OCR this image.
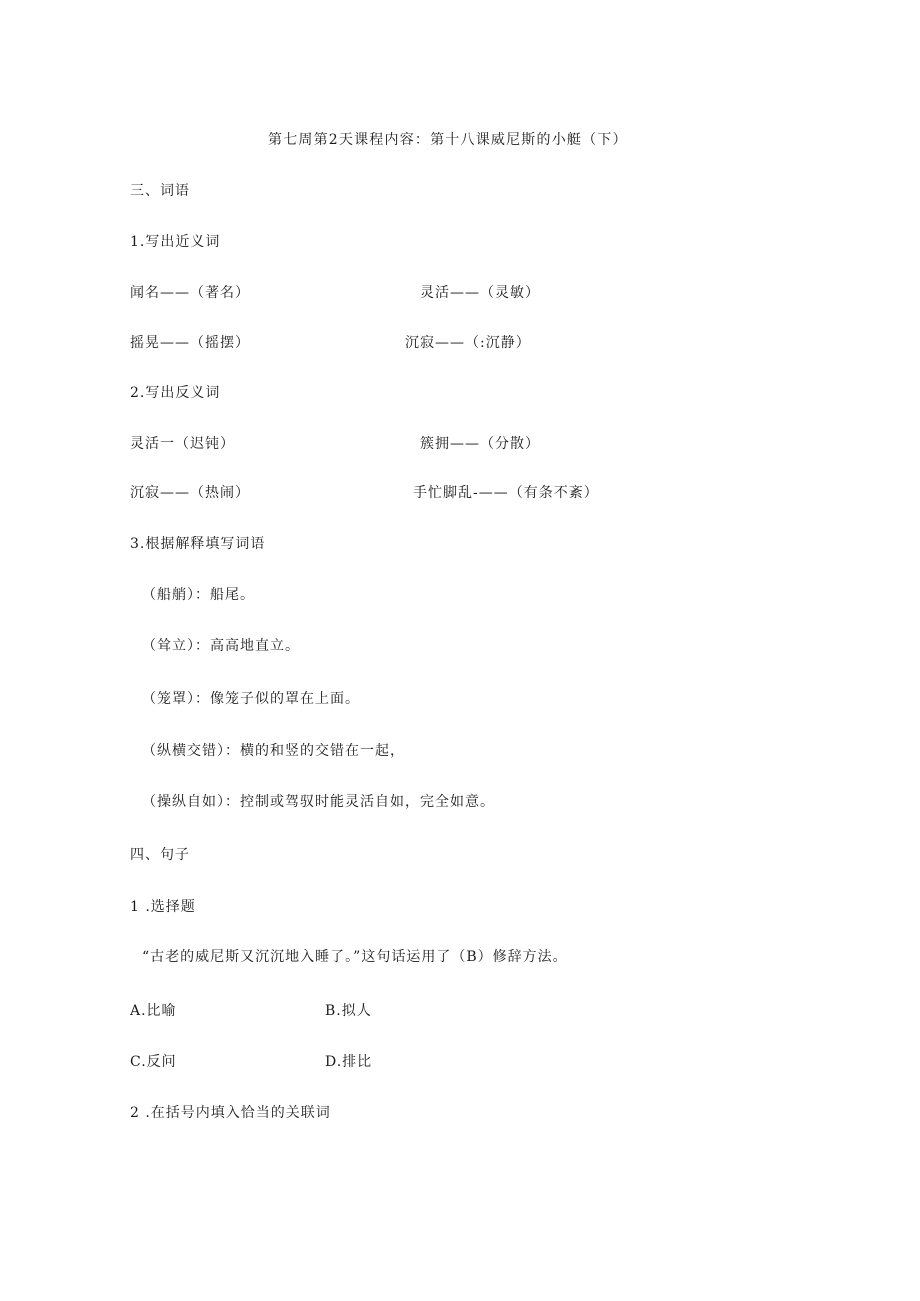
第七周第2天课程内容：第十八课威尼斯的小艇（下）
三、词语
1.写出近义词
闻名——（著名）	灵活——（灵敏）
摇晃——（摇摆）	沉寂——（:沉静）
2.写出反义词
灵活一（迟钝）	簇拥——（分散）
沉寂——（热闹）	手忙脚乱-——（有条不紊）
3.根据解释填写词语
（船艄）：船尾。
（耸立）：高高地直立。
（笼罩）：像笼子似的罩在上面。
（纵横交错）：横的和竖的交错在一起，
（操纵自如）：控制或驾驭时能灵活自如，完全如意。
四、句子
1 .选择题
“古老的威尼斯又沉沉地入睡了。”这句话运用了（B）修辞方法。
A.比喻	B.拟人
C.反问	D.排比
2 .在括号内填入恰当的关联词
